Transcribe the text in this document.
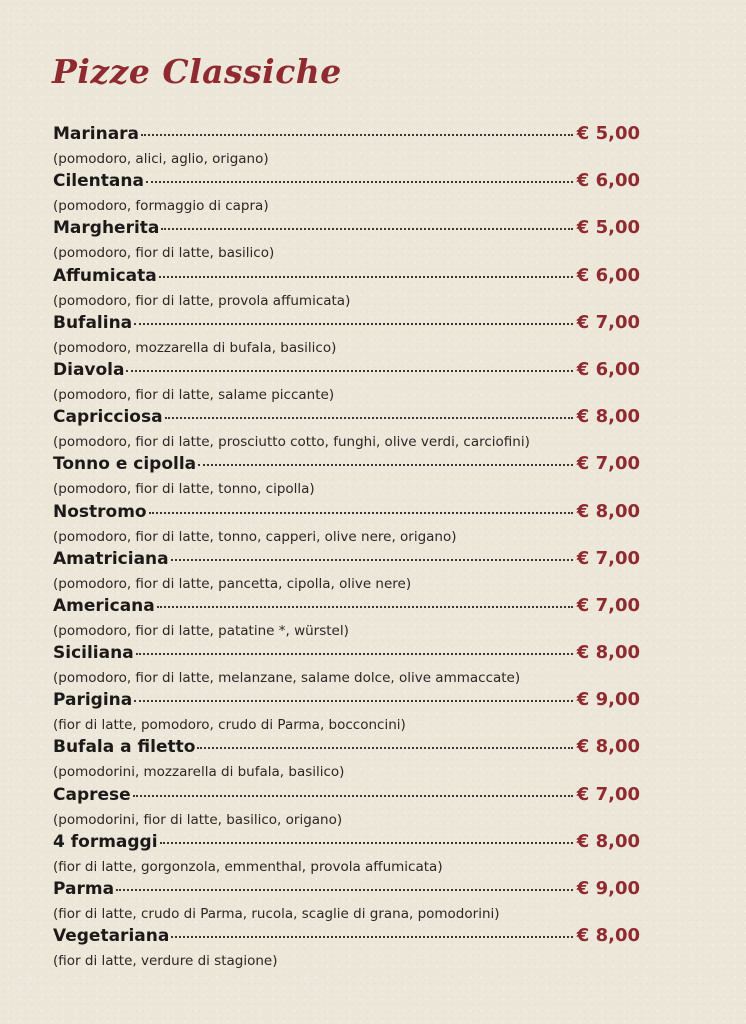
Pizze Classiche
Marinara	€ 5,00
(pomodoro, alici, aglio, origano)
Cilentana	€ 6,00
(pomodoro, formaggio di capra)
Margherita	€ 5,00
(pomodoro, fior di latte, basilico)
Affumicata	€ 6,00
(pomodoro, fior di latte, provola affumicata)
Bufalina	€ 7,00
(pomodoro, mozzarella di bufala, basilico)
Diavola	€ 6,00
(pomodoro, fior di latte, salame piccante)
Capricciosa	€ 8,00
(pomodoro, fior di latte, prosciutto cotto, funghi, olive verdi, carciofini)
Tonno e cipolla	€ 7,00
(pomodoro, fior di latte, tonno, cipolla)
Nostromo	€ 8,00
(pomodoro, fior di latte, tonno, capperi, olive nere, origano)
Amatriciana	€ 7,00
(pomodoro, fior di latte, pancetta, cipolla, olive nere)
Americana	€ 7,00
(pomodoro, fior di latte, patatine *, würstel)
Siciliana	€ 8,00
(pomodoro, fior di latte, melanzane, salame dolce, olive ammaccate)
Parigina	€ 9,00
(fior di latte, pomodoro, crudo di Parma, bocconcini)
Bufala a filetto	€ 8,00
(pomodorini, mozzarella di bufala, basilico)
Caprese	€ 7,00
(pomodorini, fior di latte, basilico, origano)
4 formaggi	€ 8,00
(fior di latte, gorgonzola, emmenthal, provola affumicata)
Parma	€ 9,00
(fior di latte, crudo di Parma, rucola, scaglie di grana, pomodorini)
Vegetariana	€ 8,00
(fior di latte, verdure di stagione)
